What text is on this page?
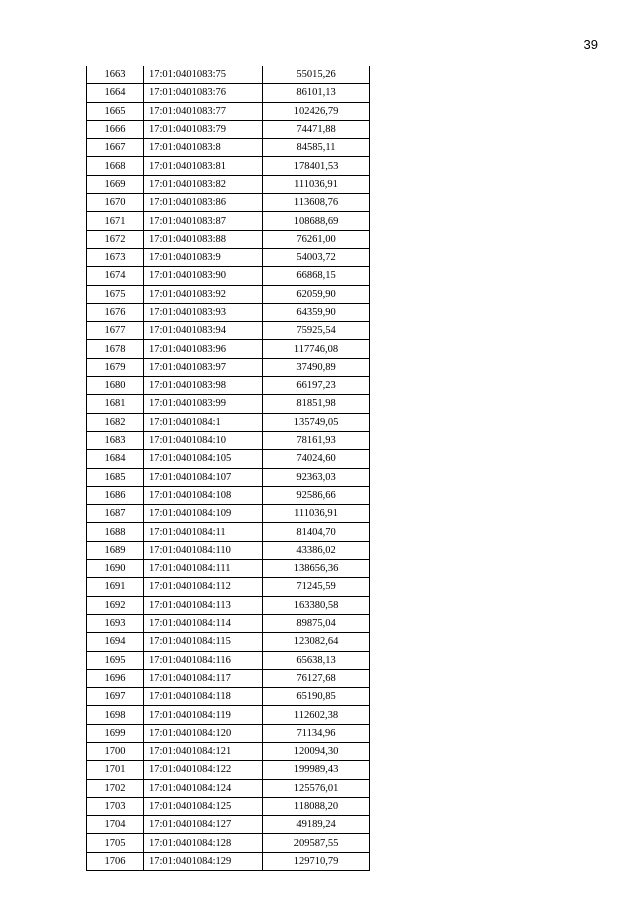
39
1663	17:01:0401083:75	55015,26
1664	17:01:0401083:76	86101,13
1665	17:01:0401083:77	102426,79
1666	17:01:0401083:79	74471,88
1667	17:01:0401083:8	84585,11
1668	17:01:0401083:81	178401,53
1669	17:01:0401083:82	111036,91
1670	17:01:0401083:86	113608,76
1671	17:01:0401083:87	108688,69
1672	17:01:0401083:88	76261,00
1673	17:01:0401083:9	54003,72
1674	17:01:0401083:90	66868,15
1675	17:01:0401083:92	62059,90
1676	17:01:0401083:93	64359,90
1677	17:01:0401083:94	75925,54
1678	17:01:0401083:96	117746,08
1679	17:01:0401083:97	37490,89
1680	17:01:0401083:98	66197,23
1681	17:01:0401083:99	81851,98
1682	17:01:0401084:1	135749,05
1683	17:01:0401084:10	78161,93
1684	17:01:0401084:105	74024,60
1685	17:01:0401084:107	92363,03
1686	17:01:0401084:108	92586,66
1687	17:01:0401084:109	111036,91
1688	17:01:0401084:11	81404,70
1689	17:01:0401084:110	43386,02
1690	17:01:0401084:111	138656,36
1691	17:01:0401084:112	71245,59
1692	17:01:0401084:113	163380,58
1693	17:01:0401084:114	89875,04
1694	17:01:0401084:115	123082,64
1695	17:01:0401084:116	65638,13
1696	17:01:0401084:117	76127,68
1697	17:01:0401084:118	65190,85
1698	17:01:0401084:119	112602,38
1699	17:01:0401084:120	71134,96
1700	17:01:0401084:121	120094,30
1701	17:01:0401084:122	199989,43
1702	17:01:0401084:124	125576,01
1703	17:01:0401084:125	118088,20
1704	17:01:0401084:127	49189,24
1705	17:01:0401084:128	209587,55
1706	17:01:0401084:129	129710,79
